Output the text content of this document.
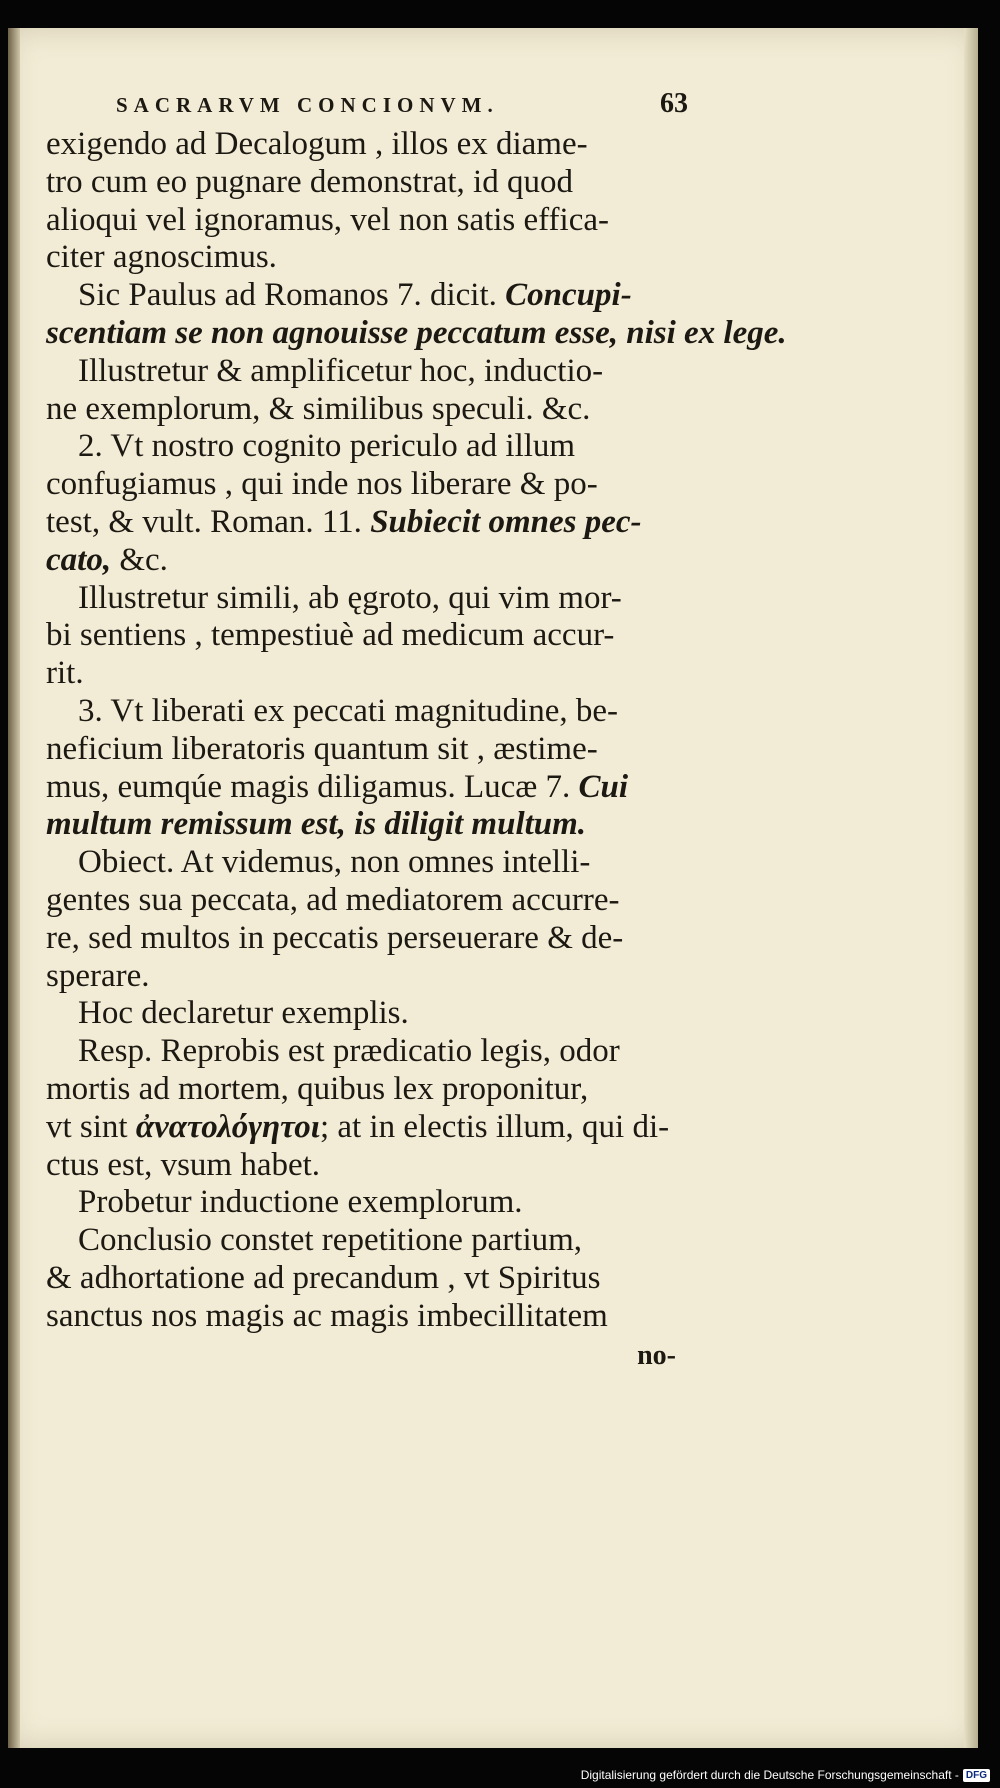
SACRARVM CONCIONVM.	63
exigendo ad Decalogum , illos ex diame-
tro cum eo pugnare demonstrat, id quod
alioqui vel ignoramus, vel non satis effica-
citer agnoscimus.
Sic Paulus ad Romanos 7. dicit. Concupi-
scentiam se non agnouisse peccatum esse, nisi ex lege.
Illustretur & amplificetur hoc, inductio-
ne exemplorum, & similibus speculi. &c.
2. Vt nostro cognito periculo ad illum
confugiamus , qui inde nos liberare & po-
test, & vult. Roman. 11. Subiecit omnes pec-
cato, &c.
Illustretur simili, ab ęgroto, qui vim mor-
bi sentiens , tempestiuè ad medicum accur-
rit.
3. Vt liberati ex peccati magnitudine, be-
neficium liberatoris quantum sit , æstime-
mus, eumqúe magis diligamus. Lucæ 7. Cui
multum remissum est, is diligit multum.
Obiect. At videmus, non omnes intelli-
gentes sua peccata, ad mediatorem accurre-
re, sed multos in peccatis perseuerare & de-
sperare.
Hoc declaretur exemplis.
Resp. Reprobis est prædicatio legis, odor
mortis ad mortem, quibus lex proponitur,
vt sint ἀνατολόγητοι; at in electis illum, qui di-
ctus est, vsum habet.
Probetur inductione exemplorum.
Conclusio constet repetitione partium,
& adhortatione ad precandum , vt Spiritus
sanctus nos magis ac magis imbecillitatem
no-
Digitalisierung gefördert durch die Deutsche Forschungsgemeinschaft - DFG
